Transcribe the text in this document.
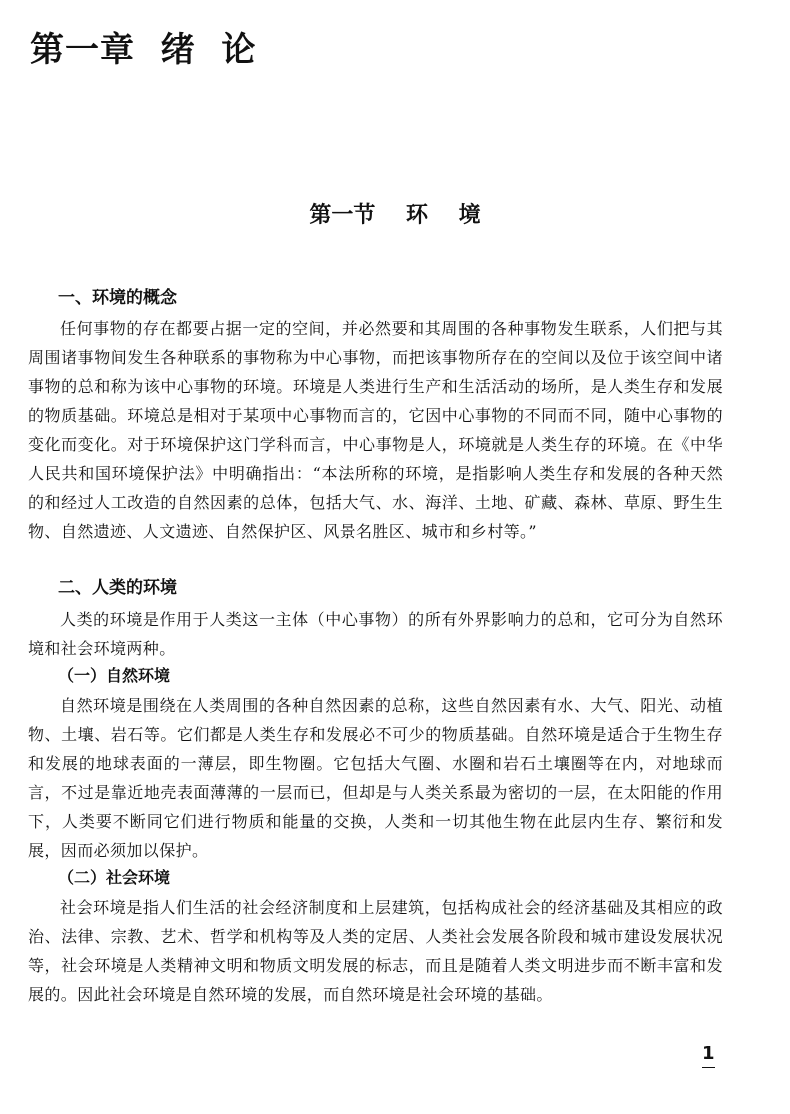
第一章  绪  论
第一节    环    境
一、环境的概念

任何事物的存在都要占据一定的空间，并必然要和其周围的各种事物发生联系，人们把与其周围诸事物间发生各种联系的事物称为中心事物，而把该事物所存在的空间以及位于该空间中诸事物的总和称为该中心事物的环境。环境是人类进行生产和生活活动的场所，是人类生存和发展的物质基础。环境总是相对于某项中心事物而言的，它因中心事物的不同而不同，随中心事物的变化而变化。对于环境保护这门学科而言，中心事物是人，环境就是人类生存的环境。在《中华人民共和国环境保护法》中明确指出：“本法所称的环境，是指影响人类生存和发展的各种天然的和经过人工改造的自然因素的总体，包括大气、水、海洋、土地、矿藏、森林、草原、野生生物、自然遗迹、人文遗迹、自然保护区、风景名胜区、城市和乡村等。”

二、人类的环境

人类的环境是作用于人类这一主体（中心事物）的所有外界影响力的总和，它可分为自然环境和社会环境两种。

（一）自然环境

自然环境是围绕在人类周围的各种自然因素的总称，这些自然因素有水、大气、阳光、动植物、土壤、岩石等。它们都是人类生存和发展必不可少的物质基础。自然环境是适合于生物生存和发展的地球表面的一薄层，即生物圈。它包括大气圈、水圈和岩石土壤圈等在内，对地球而言，不过是靠近地壳表面薄薄的一层而已，但却是与人类关系最为密切的一层，在太阳能的作用下，人类要不断同它们进行物质和能量的交换，人类和一切其他生物在此层内生存、繁衍和发展，因而必须加以保护。

（二）社会环境

社会环境是指人们生活的社会经济制度和上层建筑，包括构成社会的经济基础及其相应的政治、法律、宗教、艺术、哲学和机构等及人类的定居、人类社会发展各阶段和城市建设发展状况等，社会环境是人类精神文明和物质文明发展的标志，而且是随着人类文明进步而不断丰富和发展的。因此社会环境是自然环境的发展，而自然环境是社会环境的基础。

1
